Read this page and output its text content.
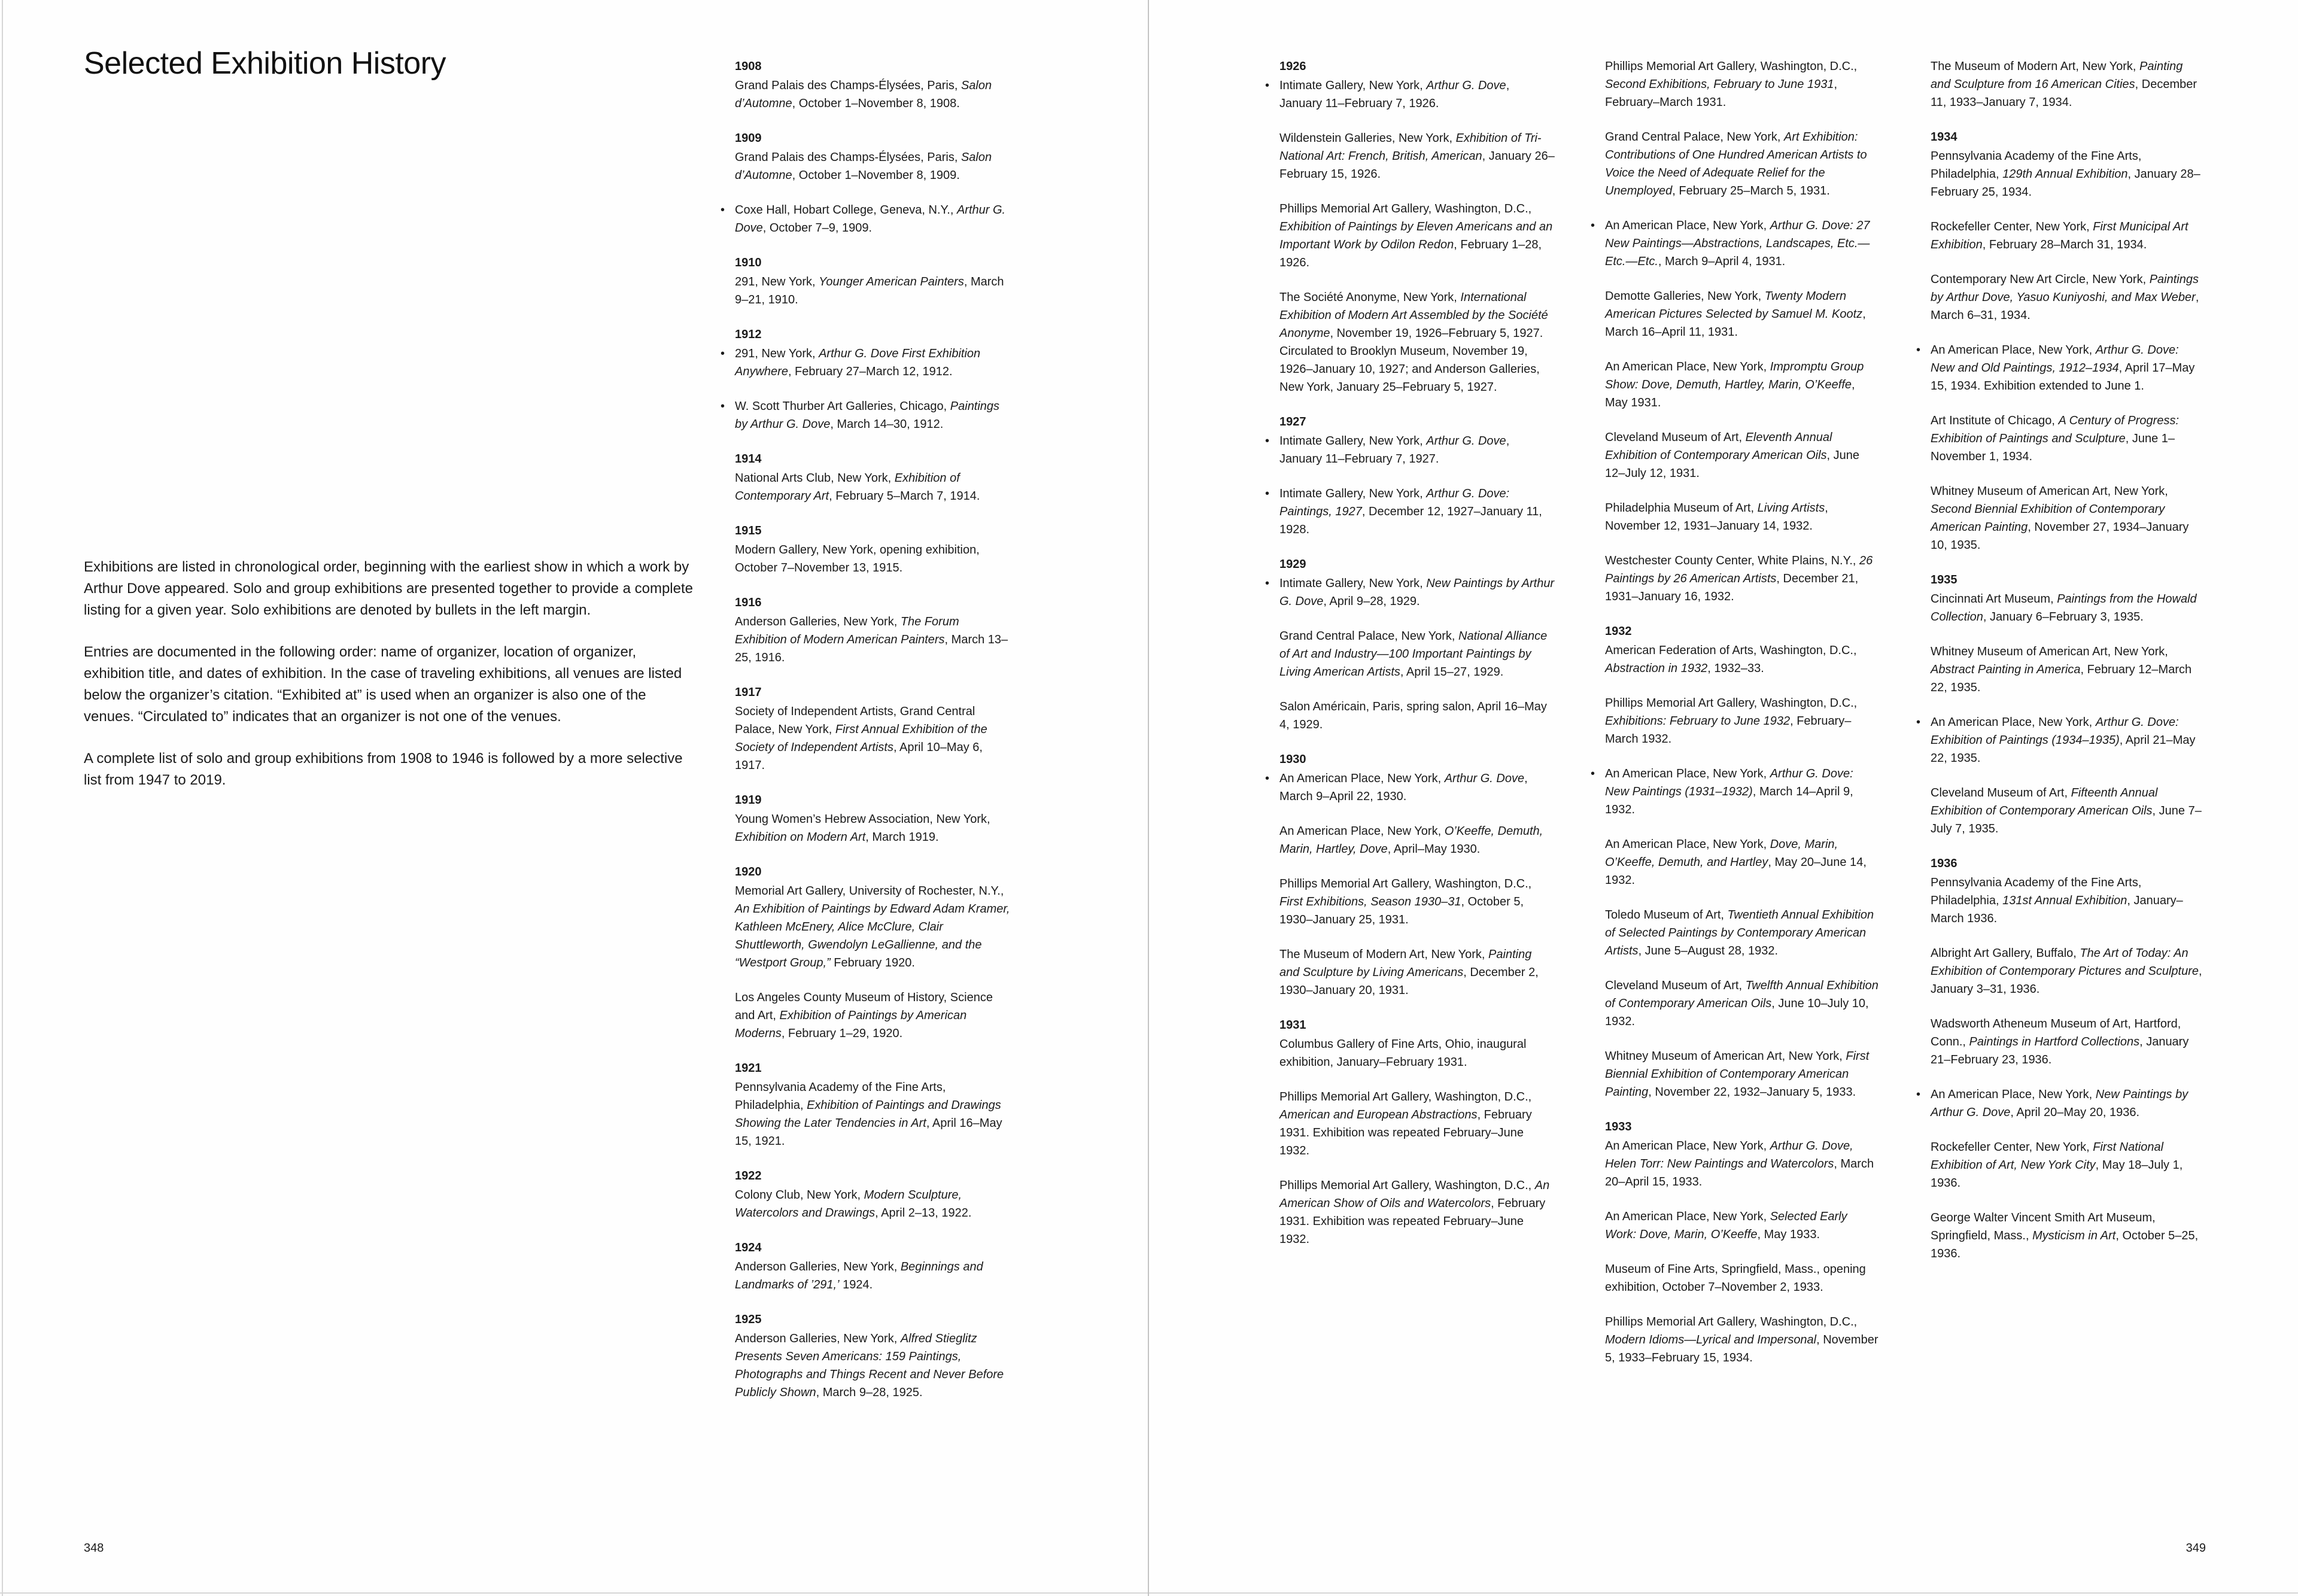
Selected Exhibition History

Exhibitions are listed in chronological order, beginning with the earliest show in which a work by Arthur Dove appeared. Solo and group exhibitions are presented together to provide a complete listing for a given year. Solo exhibitions are denoted by bullets in the left margin.

Entries are documented in the following order: name of organizer, location of organizer, exhibition title, and dates of exhibition. In the case of traveling exhibitions, all venues are listed below the organizer’s citation. “Exhibited at” is used when an organizer is also one of the venues. “Circulated to” indicates that an organizer is not one of the venues.

A complete list of solo and group exhibitions from 1908 to 1946 is followed by a more selective list from 1947 to 2019.

1908

Grand Palais des Champs-Élysées, Paris, Salon d’Automne, October 1–November 8, 1908.

1909

Grand Palais des Champs-Élysées, Paris, Salon d’Automne, October 1–November 8, 1909.

• Coxe Hall, Hobart College, Geneva, N.Y., Arthur G. Dove, October 7–9, 1909.

1910

291, New York, Younger American Painters, March 9–21, 1910.

1912

• 291, New York, Arthur G. Dove First Exhibition Anywhere, February 27–March 12, 1912.

• W. Scott Thurber Art Galleries, Chicago, Paintings by Arthur G. Dove, March 14–30, 1912.

1914

National Arts Club, New York, Exhibition of Contemporary Art, February 5–March 7, 1914.

1915

Modern Gallery, New York, opening exhibition, October 7–November 13, 1915.

1916

Anderson Galleries, New York, The Forum Exhibition of Modern American Painters, March 13–25, 1916.

1917

Society of Independent Artists, Grand Central Palace, New York, First Annual Exhibition of the Society of Independent Artists, April 10–May 6, 1917.

1919

Young Women’s Hebrew Association, New York, Exhibition on Modern Art, March 1919.

1920

Memorial Art Gallery, University of Rochester, N.Y., An Exhibition of Paintings by Edward Adam Kramer, Kathleen McEnery, Alice McClure, Clair Shuttleworth, Gwendolyn LeGallienne, and the “Westport Group,” February 1920.

Los Angeles County Museum of History, Science and Art, Exhibition of Paintings by American Moderns, February 1–29, 1920.

1921

Pennsylvania Academy of the Fine Arts, Philadelphia, Exhibition of Paintings and Drawings Showing the Later Tendencies in Art, April 16–May 15, 1921.

1922

Colony Club, New York, Modern Sculpture, Watercolors and Drawings, April 2–13, 1922.

1924

Anderson Galleries, New York, Beginnings and Landmarks of ’291,’ 1924.

1925

Anderson Galleries, New York, Alfred Stieglitz Presents Seven Americans: 159 Paintings, Photographs and Things Recent and Never Before Publicly Shown, March 9–28, 1925.

348
1926

• Intimate Gallery, New York, Arthur G. Dove, January 11–February 7, 1926.

Wildenstein Galleries, New York, Exhibition of Tri-National Art: French, British, American, January 26–February 15, 1926.

Phillips Memorial Art Gallery, Washington, D.C., Exhibition of Paintings by Eleven Americans and an Important Work by Odilon Redon, February 1–28, 1926.

The Société Anonyme, New York, International Exhibition of Modern Art Assembled by the Société Anonyme, November 19, 1926–February 5, 1927. Circulated to Brooklyn Museum, November 19, 1926–January 10, 1927; and Anderson Galleries, New York, January 25–February 5, 1927.

1927

• Intimate Gallery, New York, Arthur G. Dove, January 11–February 7, 1927.

• Intimate Gallery, New York, Arthur G. Dove: Paintings, 1927, December 12, 1927–January 11, 1928.

1929

• Intimate Gallery, New York, New Paintings by Arthur G. Dove, April 9–28, 1929.

Grand Central Palace, New York, National Alliance of Art and Industry—100 Important Paintings by Living American Artists, April 15–27, 1929.

Salon Américain, Paris, spring salon, April 16–May 4, 1929.

1930

• An American Place, New York, Arthur G. Dove, March 9–April 22, 1930.

An American Place, New York, O’Keeffe, Demuth, Marin, Hartley, Dove, April–May 1930.

Phillips Memorial Art Gallery, Washington, D.C., First Exhibitions, Season 1930–31, October 5, 1930–January 25, 1931.

The Museum of Modern Art, New York, Painting and Sculpture by Living Americans, December 2, 1930–January 20, 1931.

1931

Columbus Gallery of Fine Arts, Ohio, inaugural exhibition, January–February 1931.

Phillips Memorial Art Gallery, Washington, D.C., American and European Abstractions, February 1931. Exhibition was repeated February–June 1932.

Phillips Memorial Art Gallery, Washington, D.C., An American Show of Oils and Watercolors, February 1931. Exhibition was repeated February–June 1932.

Phillips Memorial Art Gallery, Washington, D.C., Second Exhibitions, February to June 1931, February–March 1931.

Grand Central Palace, New York, Art Exhibition: Contributions of One Hundred American Artists to Voice the Need of Adequate Relief for the Unemployed, February 25–March 5, 1931.

• An American Place, New York, Arthur G. Dove: 27 New Paintings—Abstractions, Landscapes, Etc.—Etc.—Etc., March 9–April 4, 1931.

Demotte Galleries, New York, Twenty Modern American Pictures Selected by Samuel M. Kootz, March 16–April 11, 1931.

An American Place, New York, Impromptu Group Show: Dove, Demuth, Hartley, Marin, O’Keeffe, May 1931.

Cleveland Museum of Art, Eleventh Annual Exhibition of Contemporary American Oils, June 12–July 12, 1931.

Philadelphia Museum of Art, Living Artists, November 12, 1931–January 14, 1932.

Westchester County Center, White Plains, N.Y., 26 Paintings by 26 American Artists, December 21, 1931–January 16, 1932.

1932

American Federation of Arts, Washington, D.C., Abstraction in 1932, 1932–33.

Phillips Memorial Art Gallery, Washington, D.C., Exhibitions: February to June 1932, February–March 1932.

• An American Place, New York, Arthur G. Dove: New Paintings (1931–1932), March 14–April 9, 1932.

An American Place, New York, Dove, Marin, O’Keeffe, Demuth, and Hartley, May 20–June 14, 1932.

Toledo Museum of Art, Twentieth Annual Exhibition of Selected Paintings by Contemporary American Artists, June 5–August 28, 1932.

Cleveland Museum of Art, Twelfth Annual Exhibition of Contemporary American Oils, June 10–July 10, 1932.

Whitney Museum of American Art, New York, First Biennial Exhibition of Contemporary American Painting, November 22, 1932–January 5, 1933.

1933

An American Place, New York, Arthur G. Dove, Helen Torr: New Paintings and Watercolors, March 20–April 15, 1933.

An American Place, New York, Selected Early Work: Dove, Marin, O’Keeffe, May 1933.

Museum of Fine Arts, Springfield, Mass., opening exhibition, October 7–November 2, 1933.

Phillips Memorial Art Gallery, Washington, D.C., Modern Idioms—Lyrical and Impersonal, November 5, 1933–February 15, 1934.

The Museum of Modern Art, New York, Painting and Sculpture from 16 American Cities, December 11, 1933–January 7, 1934.

1934

Pennsylvania Academy of the Fine Arts, Philadelphia, 129th Annual Exhibition, January 28–February 25, 1934.

Rockefeller Center, New York, First Municipal Art Exhibition, February 28–March 31, 1934.

Contemporary New Art Circle, New York, Paintings by Arthur Dove, Yasuo Kuniyoshi, and Max Weber, March 6–31, 1934.

• An American Place, New York, Arthur G. Dove: New and Old Paintings, 1912–1934, April 17–May 15, 1934. Exhibition extended to June 1.

Art Institute of Chicago, A Century of Progress: Exhibition of Paintings and Sculpture, June 1–November 1, 1934.

Whitney Museum of American Art, New York, Second Biennial Exhibition of Contemporary American Painting, November 27, 1934–January 10, 1935.

1935

Cincinnati Art Museum, Paintings from the Howald Collection, January 6–February 3, 1935.

Whitney Museum of American Art, New York, Abstract Painting in America, February 12–March 22, 1935.

• An American Place, New York, Arthur G. Dove: Exhibition of Paintings (1934–1935), April 21–May 22, 1935.

Cleveland Museum of Art, Fifteenth Annual Exhibition of Contemporary American Oils, June 7–July 7, 1935.

1936

Pennsylvania Academy of the Fine Arts, Philadelphia, 131st Annual Exhibition, January–March 1936.

Albright Art Gallery, Buffalo, The Art of Today: An Exhibition of Contemporary Pictures and Sculpture, January 3–31, 1936.

Wadsworth Atheneum Museum of Art, Hartford, Conn., Paintings in Hartford Collections, January 21–February 23, 1936.

• An American Place, New York, New Paintings by Arthur G. Dove, April 20–May 20, 1936.

Rockefeller Center, New York, First National Exhibition of Art, New York City, May 18–July 1, 1936.

George Walter Vincent Smith Art Museum, Springfield, Mass., Mysticism in Art, October 5–25, 1936.

349
